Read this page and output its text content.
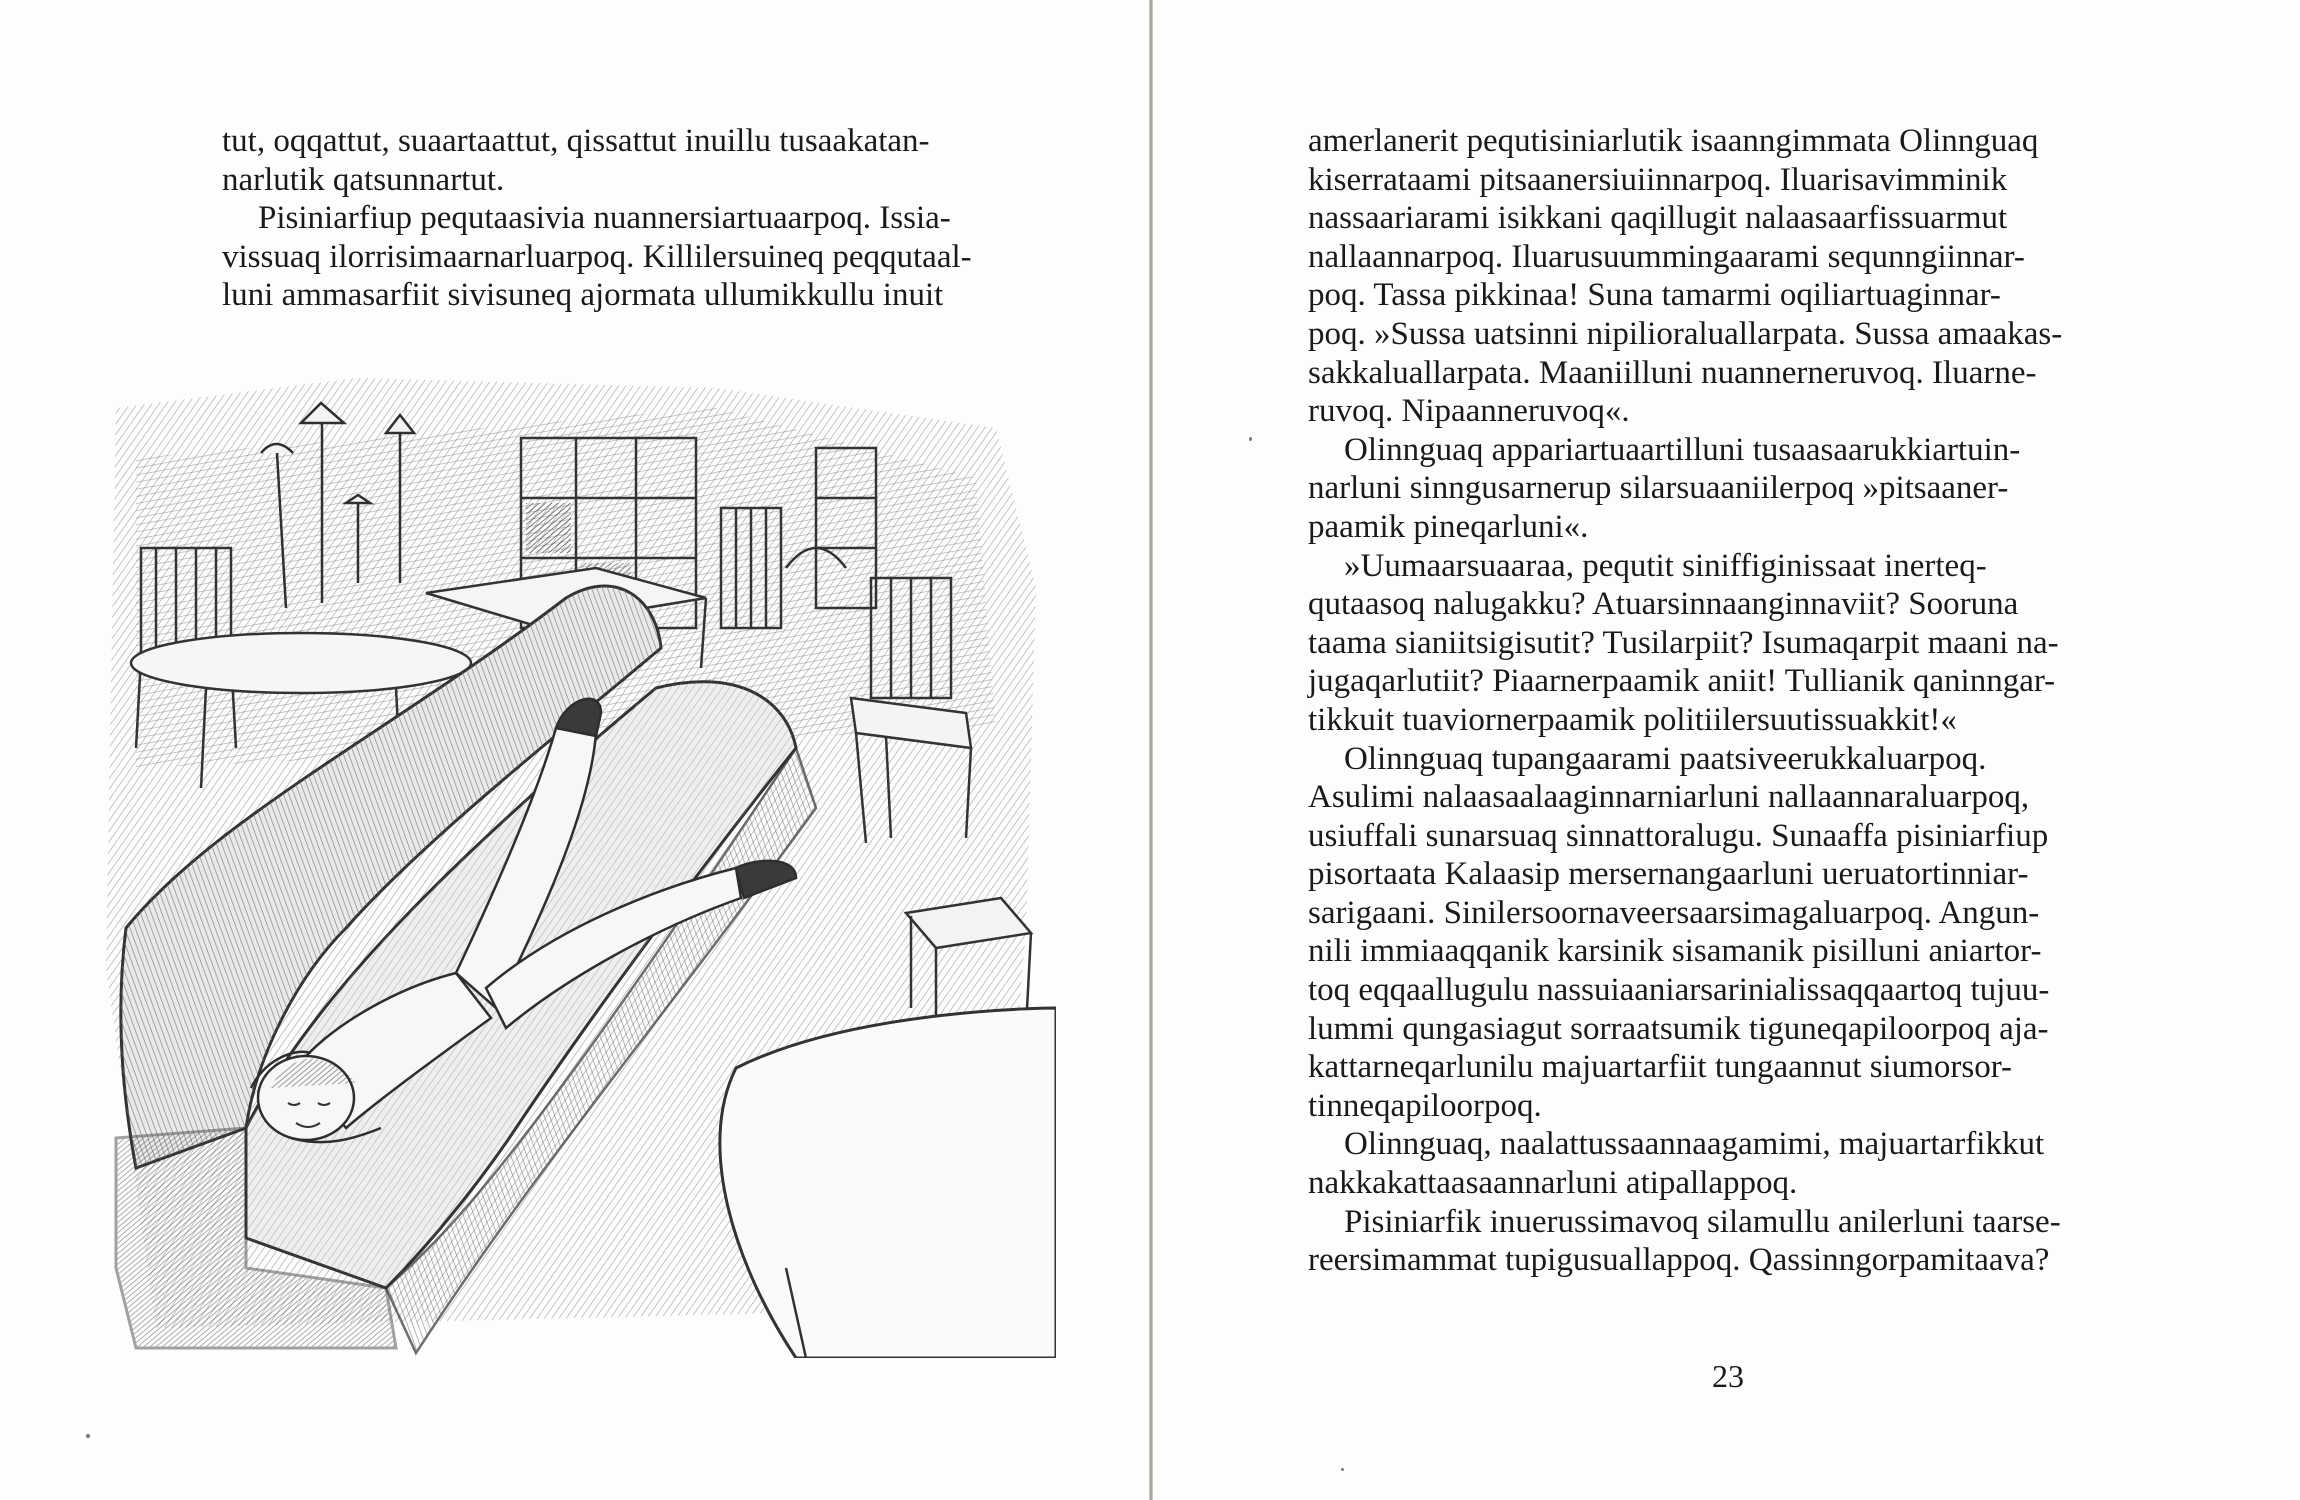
tut, oqqattut, suaartaattut, qissattut inuillu tusaakatan-
narlutik qatsunnartut.

Pisiniarfiup pequtaasivia nuannersiartuaarpoq. Issia-
vissuaq ilorrisimaarnarluarpoq. Killilersuineq peqqutaal-
luni ammasarfiit sivisuneq ajormata ullumikkullu inuit

amerlanerit pequtisiniarlutik isaanngimmata Olinnguaq
kiserrataami pitsaanersiuiinnarpoq. Iluarisavimminik
nassaariarami isikkani qaqillugit nalaasaarfissuarmut
nallaannarpoq. Iluarusuummingaarami sequnngiinnar-
poq. Tassa pikkinaa! Suna tamarmi oqiliartuaginnar-
poq. »Sussa uatsinni nipilioraluallarpata. Sussa amaakas-
sakkaluallarpata. Maaniilluni nuannerneruvoq. Iluarne-
ruvoq. Nipaanneruvoq«.

Olinnguaq appariartuaartilluni tusaasaarukkiartuin-
narluni sinngusarnerup silarsuaaniilerpoq »pitsaaner-
paamik pineqarluni«.

»Uumaarsuaaraa, pequtit siniffiginissaat inerteq-
qutaasoq nalugakku? Atuarsinnaanginnaviit? Sooruna
taama sianiitsigisutit? Tusilarpiit? Isumaqarpit maani na-
jugaqarlutiit? Piaarnerpaamik aniit! Tullianik qaninngar-
tikkuit tuaviornerpaamik politiilersuutissuakkit!«

Olinnguaq tupangaarami paatsiveerukkaluarpoq.
Asulimi nalaasaalaaginnarniarluni nallaannaraluarpoq,
usiuffali sunarsuaq sinnattoralugu. Sunaaffa pisiniarfiup
pisortaata Kalaasip mersernangaarluni ueruatortinniar-
sarigaani. Sinilersoornaveersaarsimagaluarpoq. Angun-
nili immiaaqqanik karsinik sisamanik pisilluni aniartor-
toq eqqaallugulu nassuiaaniarsarinialissaqqaartoq tujuu-
lummi qungasiagut sorraatsumik tiguneqapiloorpoq aja-
kattarneqarlunilu majuartarfiit tungaannut siumorsor-
tinneqapiloorpoq.

Olinnguaq, naalattussaannaagamimi, majuartarfikkut
nakkakattaasaannarluni atipallappoq.

Pisiniarfik inuerussimavoq silamullu anilerluni taarse-
reersimammat tupigusuallappoq. Qassinngorpamitaava?

23
